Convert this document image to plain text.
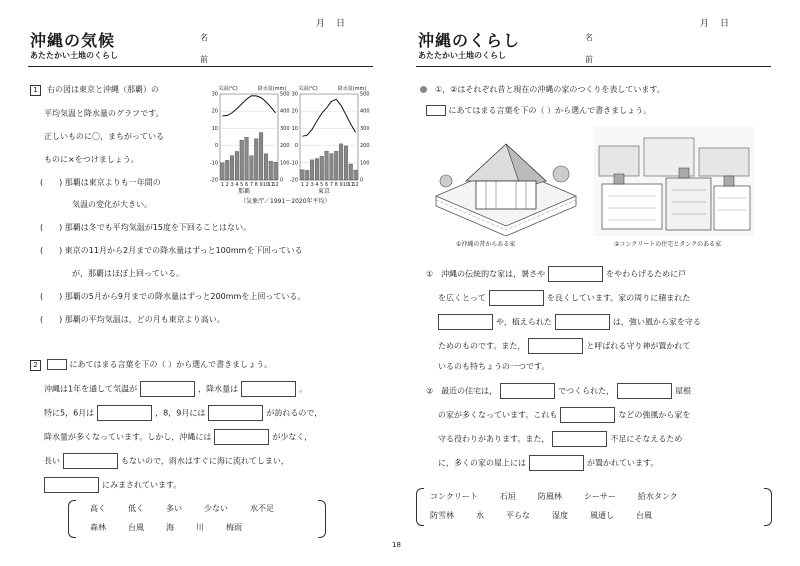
月　日
沖縄の気候
あたたかい土地のくらし
名
前
1 右の図は東京と沖縄（那覇）の
平均気温と降水量のグラフです。
正しいものに〇，まちがっている
ものに×をつけましょう。
(　　) 那覇は東京よりも一年間の
気温の変化が大きい。
(　　) 那覇は冬でも平均気温が15度を下回ることはない。
(　　) 東京の11月から2月までの降水量はずっと100mmを下回っている
が，那覇はほぼ上回っている。
(　　) 那覇の5月から9月までの降水量はずっと200mmを上回っている。
(　　) 那覇の平均気温は，どの月も東京より高い。
-20
-10
0
10
20
30
0
100
200
300
400
500
気温(℃)	降水量(mm)
1 2 3 4 5 6 7 8 9 10
11
12
-20
-10
0
10
20
30
0
100
200
300
400
500
気温(℃)	降水量(mm)
1 2 3 4 5 6 7 8 9 10
11
12
那覇	東京
（気象庁／1991〜2020年平均）
2	にあてはまる言葉を下の（ ）から選んで書きましょう。
沖縄は1年を通して気温が	，降水量は	。
特に5，6月は	，8，9月には	が訪れるので，
降水量が多くなっています。しかし，沖縄には	が少なく，
長い	もないので，雨水はすぐに海に流れてしまい，
にみまされています。
高く	低く	多い	少ない	水不足
森林	台風	海	川	梅雨
月　日
沖縄のくらし
あたたかい土地のくらし
名
前
①，②はそれぞれ昔と現在の沖縄の家のつくりを表しています。
にあてはまる言葉を下の（ ）から選んで書きましょう。
①沖縄の昔からある家	②コンクリートの住宅とタンクのある家
①　沖縄の伝統的な家は，暑さや	をやわらげるために戸
を広くとって	を良くしています。家の周りに積まれた
や，植えられた	は，強い風から家を守る
ためのものです。また，	と呼ばれる守り神が置かれて
いるのも特ちょうの一つです。
②　最近の住宅は，	でつくられた，	屋根
の家が多くなっています。これも	などの強風から家を
守る役わりがあります。また，	不足にそなえるため
に，多くの家の屋上には	が置かれています。
コンクリート	石垣	防風林	シーサー	給水タンク
防雪林	水	平らな	湿度	風通し	台風
18
